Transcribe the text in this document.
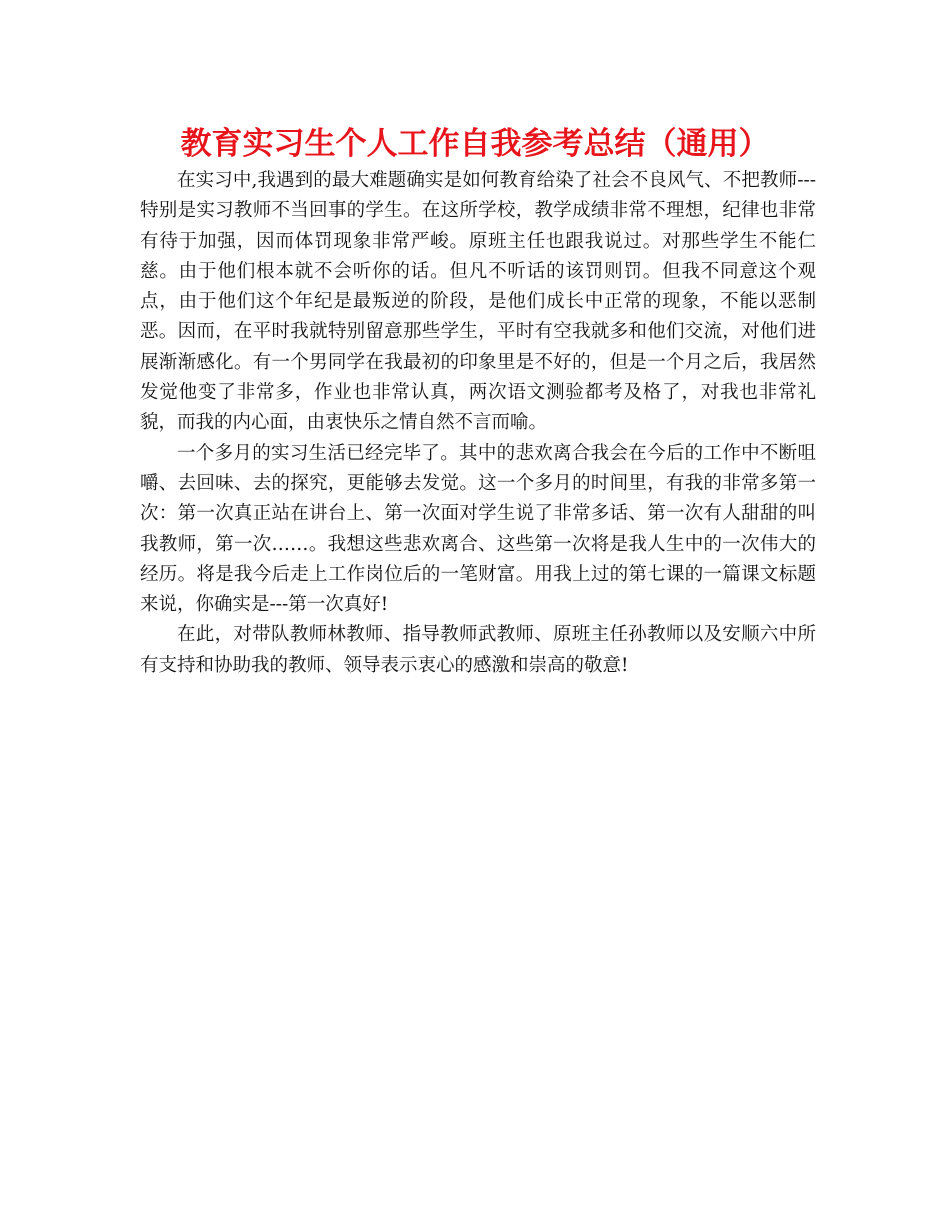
教育实习生个人工作自我参考总结（通用）

在实习中,我遇到的最大难题确实是如何教育给染了社会不良风气、不把教师---特别是实习教师不当回事的学生。在这所学校，教学成绩非常不理想，纪律也非常有待于加强，因而体罚现象非常严峻。原班主任也跟我说过。对那些学生不能仁慈。由于他们根本就不会听你的话。但凡不听话的该罚则罚。但我不同意这个观点，由于他们这个年纪是最叛逆的阶段，是他们成长中正常的现象，不能以恶制恶。因而，在平时我就特别留意那些学生，平时有空我就多和他们交流，对他们进展渐渐感化。有一个男同学在我最初的印象里是不好的，但是一个月之后，我居然发觉他变了非常多，作业也非常认真，两次语文测验都考及格了，对我也非常礼貌，而我的内心面，由衷快乐之情自然不言而喻。

一个多月的实习生活已经完毕了。其中的悲欢离合我会在今后的工作中不断咀嚼、去回味、去的探究，更能够去发觉。这一个多月的时间里，有我的非常多第一次：第一次真正站在讲台上、第一次面对学生说了非常多话、第一次有人甜甜的叫我教师，第一次……。我想这些悲欢离合、这些第一次将是我人生中的一次伟大的经历。将是我今后走上工作岗位后的一笔财富。用我上过的第七课的一篇课文标题来说，你确实是---第一次真好!

在此，对带队教师林教师、指导教师武教师、原班主任孙教师以及安顺六中所有支持和协助我的教师、领导表示衷心的感激和崇高的敬意!
